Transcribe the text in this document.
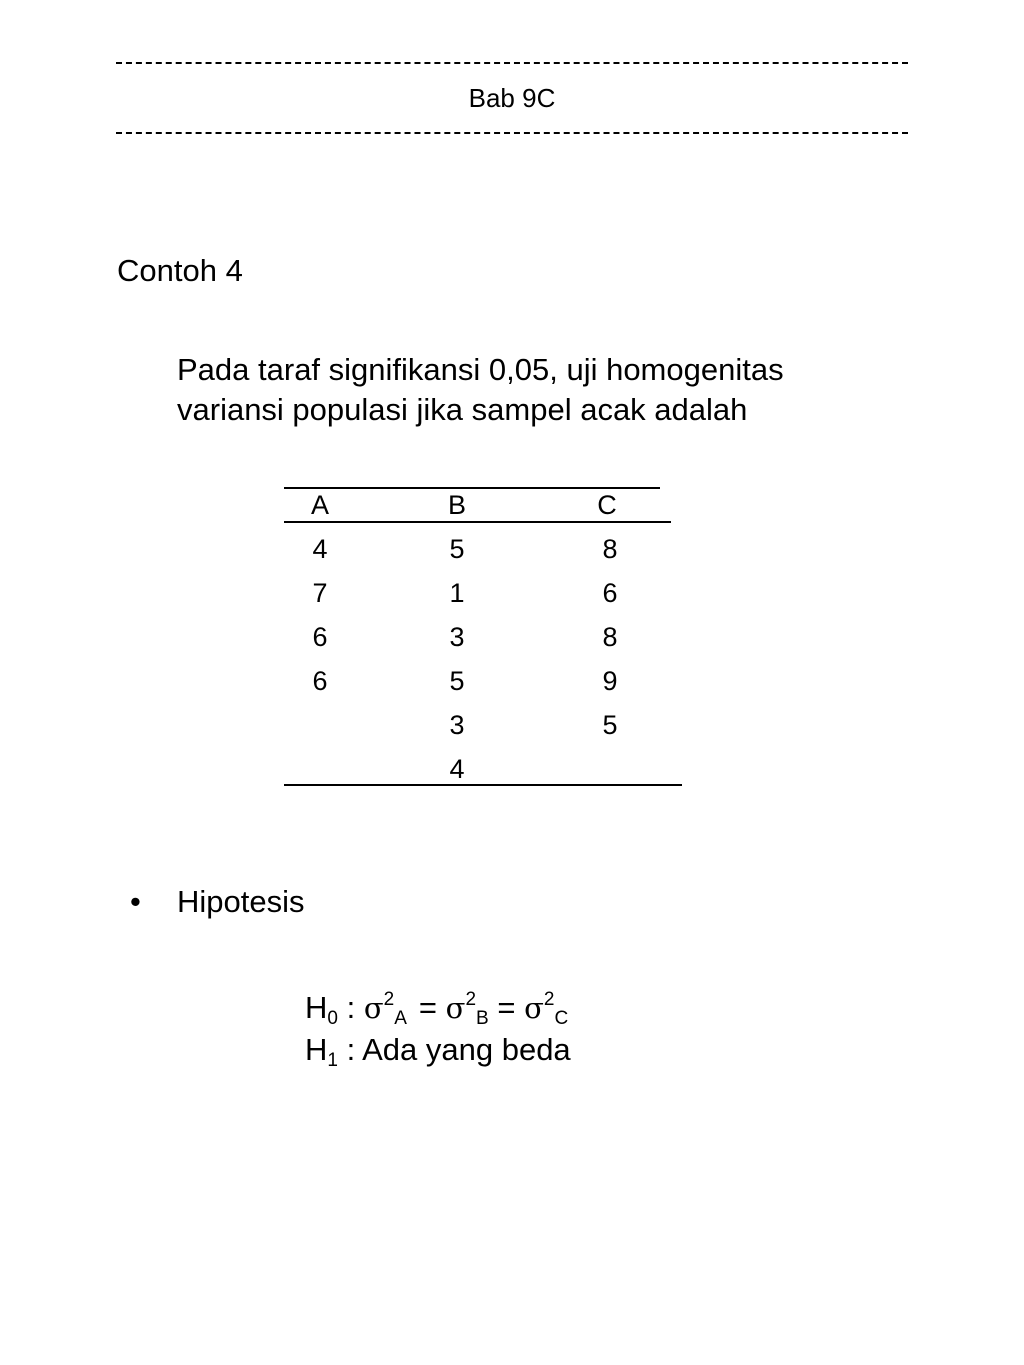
Bab 9C
Contoh 4
Pada taraf signifikansi 0,05, uji homogenitas
variansi populasi jika sampel acak adalah
A	B	C
4
7
6
6
5
1
3
5
3
4
8
6
8
9
5
• Hipotesis
$H_0$ : $\sigma^2_A = \sigma^2_B = \sigma^2_C$
$H_1$ : Ada yang beda
